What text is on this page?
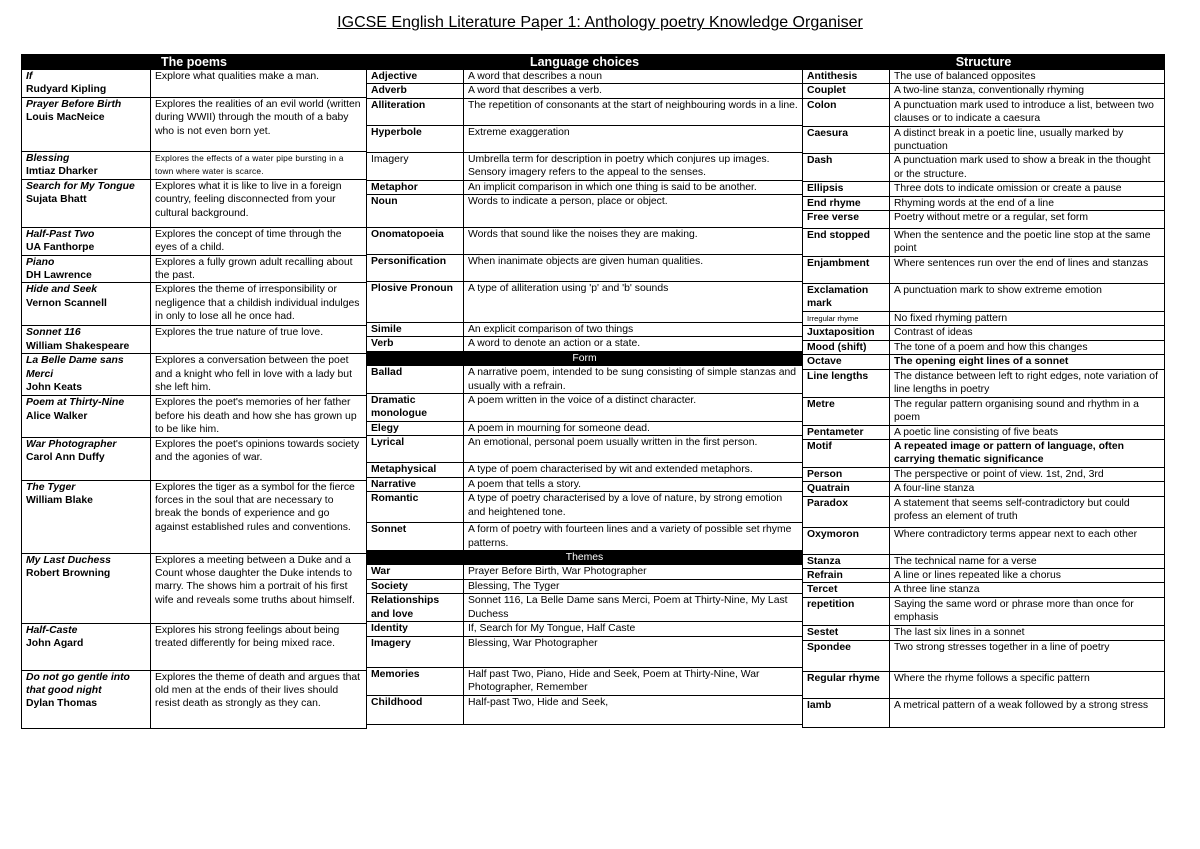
IGCSE English Literature Paper 1: Anthology poetry Knowledge Organiser
The poems	

If
Rudyard Kipling	Explore what qualities make a man.

Prayer Before Birth
Louis MacNeice	Explores the realities of an evil world (written during WWII) through the mouth of a baby who is not even born yet.

Blessing
Imtiaz Dharker	Explores the effects of a water pipe bursting in a town where water is scarce.

Search for My Tongue
Sujata Bhatt	Explores what it is like to live in a foreign country, feeling disconnected from your cultural background.

Half-Past Two
UA Fanthorpe	Explores the concept of time through the eyes of a child.

Piano
DH Lawrence	Explores a fully grown adult recalling about the past.

Hide and Seek
Vernon Scannell	Explores the theme of irresponsibility or negligence that a childish individual indulges in only to lose all he once had.

Sonnet 116
William Shakespeare	Explores the true nature of true love.

La Belle Dame sans Merci
John Keats	Explores a conversation between the poet and a knight who fell in love with a lady but she left him.

Poem at Thirty-Nine
Alice Walker	Explores the poet's memories of her father before his death and how she has grown up to be like him.

War Photographer
Carol Ann Duffy	Explores the poet's opinions towards society and the agonies of war.

The Tyger
William Blake	Explores the tiger as a symbol for the fierce forces in the soul that are necessary to break the bonds of experience and go against established rules and conventions.

My Last Duchess
Robert Browning	Explores a meeting between a Duke and a Count whose daughter the Duke intends to marry. The shows him a portrait of his first wife and reveals some truths about himself.

Half-Caste
John Agard	Explores his strong feelings about being treated differently for being mixed race.

Do not go gentle into that good night
Dylan Thomas	Explores the theme of death and argues that old men at the ends of their lives should resist death as strongly as they can.
Language choices	
Adjective	A word that describes a noun
Adverb	A word that describes a verb.
Alliteration	The repetition of consonants at the start of neighbouring words in a line.
Hyperbole	Extreme exaggeration
Imagery	Umbrella term for description in poetry which conjures up images. Sensory imagery refers to the appeal to the senses.
Metaphor	An implicit comparison in which one thing is said to be another.
Noun	Words to indicate a person, place or object.
Onomatopoeia	Words that sound like the noises they are making.
Personification	When inanimate objects are given human qualities.
Plosive Pronoun	A type of alliteration using 'p' and 'b' sounds
Simile	An explicit comparison of two things
Verb	A word to denote an action or a state.
Form	
Ballad	A narrative poem, intended to be sung consisting of simple stanzas and usually with a refrain.
Dramatic monologue	A poem written in the voice of a distinct character.
Elegy	A poem in mourning for someone dead.
Lyrical	An emotional, personal poem usually written in the first person.
Metaphysical	A type of poem characterised by wit and extended metaphors.
Narrative	A poem that tells a story.
Romantic	A type of poetry characterised by a love of nature, by strong emotion and heightened tone.
Sonnet	A form of poetry with fourteen lines and a variety of possible set rhyme patterns.
Themes	
War	Prayer Before Birth, War Photographer
Society	Blessing, The Tyger
Relationships and love	Sonnet 116, La Belle Dame sans Merci, Poem at Thirty-Nine, My Last Duchess
Identity	If, Search for My Tongue, Half Caste
Imagery	Blessing, War Photographer
Memories	Half past Two, Piano, Hide and Seek, Poem at Thirty-Nine, War Photographer, Remember
Childhood	Half-past Two, Hide and Seek,
Structure	
Antithesis	The use of balanced opposites
Couplet	A two-line stanza, conventionally rhyming
Colon	A punctuation mark used to introduce a list, between two clauses or to indicate a caesura
Caesura	A distinct break in a poetic line, usually marked by punctuation
Dash	A punctuation mark used to show a break in the thought or the structure.
Ellipsis	Three dots to indicate omission or create a pause
End rhyme	Rhyming words at the end of a line
Free verse	Poetry without metre or a regular, set form
End stopped	When the sentence and the poetic line stop at the same point
Enjambment	Where sentences run over the end of lines and stanzas
Exclamation mark	A punctuation mark to show extreme emotion
Irregular rhyme	No fixed rhyming pattern
Juxtaposition	Contrast of ideas
Mood (shift)	The tone of a poem and how this changes
Octave	The opening eight lines of a sonnet
Line lengths	The distance between left to right edges, note variation of line lengths in poetry
Metre	The regular pattern organising sound and rhythm in a poem
Pentameter	A poetic line consisting of five beats
Motif	A repeated image or pattern of language, often carrying thematic significance
Person	The perspective or point of view. 1st, 2nd, 3rd
Quatrain	A four-line stanza
Paradox	A statement that seems self-contradictory but could profess an element of truth
Oxymoron	Where contradictory terms appear next to each other
Stanza	The technical name for a verse
Refrain	A line or lines repeated like a chorus
Tercet	A three line stanza
repetition	Saying the same word or phrase more than once for emphasis
Sestet	The last six lines in a sonnet
Spondee	Two strong stresses together in a line of poetry
Regular rhyme	Where the rhyme follows a specific pattern
Iamb	A metrical pattern of a weak followed by a strong stress
